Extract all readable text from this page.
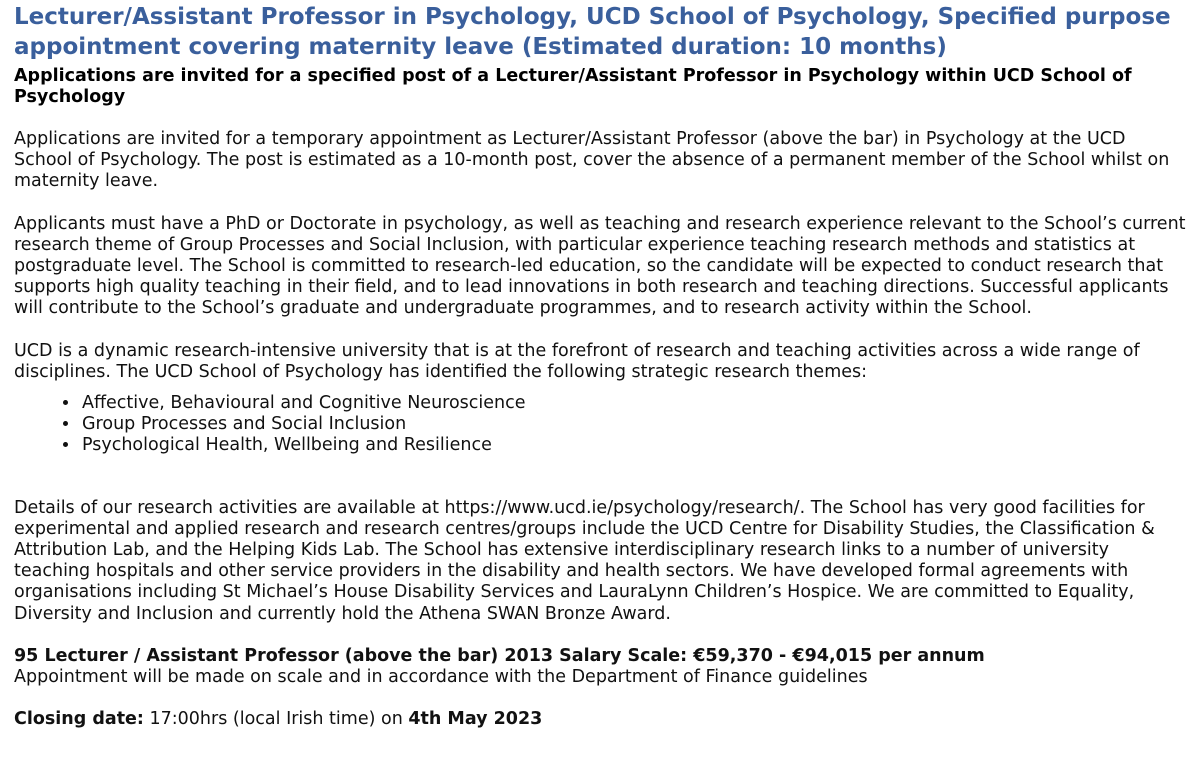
Lecturer/Assistant Professor in Psychology, UCD School of Psychology, Specified purpose appointment covering maternity leave (Estimated duration: 10 months)
Applications are invited for a specified post of a Lecturer/Assistant Professor in Psychology within UCD School of Psychology

Applications are invited for a temporary appointment as Lecturer/Assistant Professor (above the bar) in Psychology at the UCD School of Psychology. The post is estimated as a 10-month post, cover the absence of a permanent member of the School whilst on maternity leave.

Applicants must have a PhD or Doctorate in psychology, as well as teaching and research experience relevant to the School’s current research theme of Group Processes and Social Inclusion, with particular experience teaching research methods and statistics at postgraduate level. The School is committed to research-led education, so the candidate will be expected to conduct research that supports high quality teaching in their field, and to lead innovations in both research and teaching directions. Successful applicants will contribute to the School’s graduate and undergraduate programmes, and to research activity within the School.

UCD is a dynamic research-intensive university that is at the forefront of research and teaching activities across a wide range of disciplines. The UCD School of Psychology has identified the following strategic research themes:

• Affective, Behavioural and Cognitive Neuroscience
• Group Processes and Social Inclusion
• Psychological Health, Wellbeing and Resilience

Details of our research activities are available at https://www.ucd.ie/psychology/research/. The School has very good facilities for experimental and applied research and research centres/groups include the UCD Centre for Disability Studies, the Classification & Attribution Lab, and the Helping Kids Lab. The School has extensive interdisciplinary research links to a number of university teaching hospitals and other service providers in the disability and health sectors. We have developed formal agreements with organisations including St Michael’s House Disability Services and LauraLynn Children’s Hospice. We are committed to Equality, Diversity and Inclusion and currently hold the Athena SWAN Bronze Award.

95 Lecturer / Assistant Professor (above the bar) 2013 Salary Scale: €59,370 - €94,015 per annum
Appointment will be made on scale and in accordance with the Department of Finance guidelines

Closing date: 17:00hrs (local Irish time) on 4th May 2023
